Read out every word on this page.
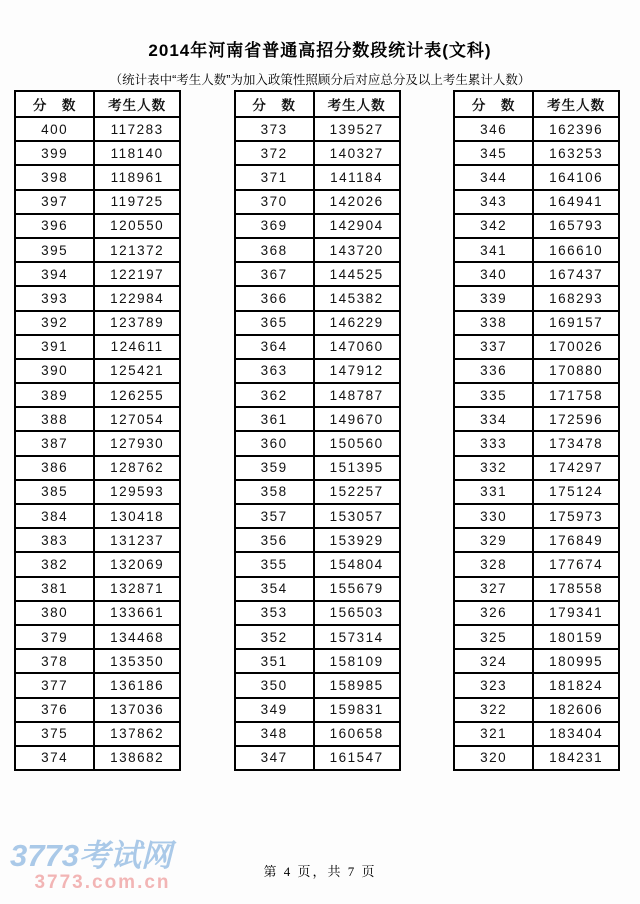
2014年河南省普通高招分数段统计表(文科)
（统计表中“考生人数”为加入政策性照顾分后对应总分及以上考生累计人数）
分　数	考生人数
400	117283
399	118140
398	118961
397	119725
396	120550
395	121372
394	122197
393	122984
392	123789
391	124611
390	125421
389	126255
388	127054
387	127930
386	128762
385	129593
384	130418
383	131237
382	132069
381	132871
380	133661
379	134468
378	135350
377	136186
376	137036
375	137862
374	138682
分　数	考生人数
373	139527
372	140327
371	141184
370	142026
369	142904
368	143720
367	144525
366	145382
365	146229
364	147060
363	147912
362	148787
361	149670
360	150560
359	151395
358	152257
357	153057
356	153929
355	154804
354	155679
353	156503
352	157314
351	158109
350	158985
349	159831
348	160658
347	161547
分　数	考生人数
346	162396
345	163253
344	164106
343	164941
342	165793
341	166610
340	167437
339	168293
338	169157
337	170026
336	170880
335	171758
334	172596
333	173478
332	174297
331	175124
330	175973
329	176849
328	177674
327	178558
326	179341
325	180159
324	180995
323	181824
322	182606
321	183404
320	184231
3773考试网
3773.com.cn
第 4 页，共 7 页
